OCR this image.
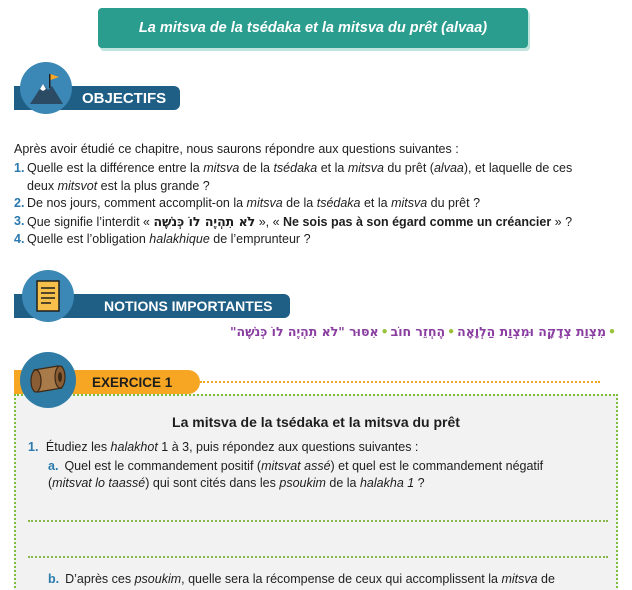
La mitsva de la tsédaka et la mitsva du prêt (alvaa)
OBJECTIFS
Après avoir étudié ce chapitre, nous saurons répondre aux questions suivantes :
1. Quelle est la différence entre la mitsva de la tsédaka et la mitsva du prêt (alvaa), et laquelle de ces
deux mitsvot est la plus grande ?
2. De nos jours, comment accomplit-on la mitsva de la tsédaka et la mitsva du prêt ?
3. Que signifie l’interdit « לֹא תִהְיֶה לוֹ כְּנֹשֶׁה », « Ne sois pas à son égard comme un créancier » ?
4. Quelle est l’obligation halakhique de l’emprunteur ?
NOTIONS IMPORTANTES
•מִצְוַת צְדָקָה וּמִצְוַת הַלְוָאָה•הֶחְזֵר חוֹב•אִסּוּר "לֹא תִהְיֶה לוֹ כְּנֹשֶׁה"
La mitsva de la tsédaka et la mitsva du prêt
1. Étudiez les halakhot 1 à 3, puis répondez aux questions suivantes :
a. Quel est le commandement positif (mitsvat assé) et quel est le commandement négatif
(mitsvat lo taassé) qui sont cités dans les psoukim de la halakha 1 ?
b. D’après ces psoukim, quelle sera la récompense de ceux qui accomplissent la mitsva de
EXERCICE 1
